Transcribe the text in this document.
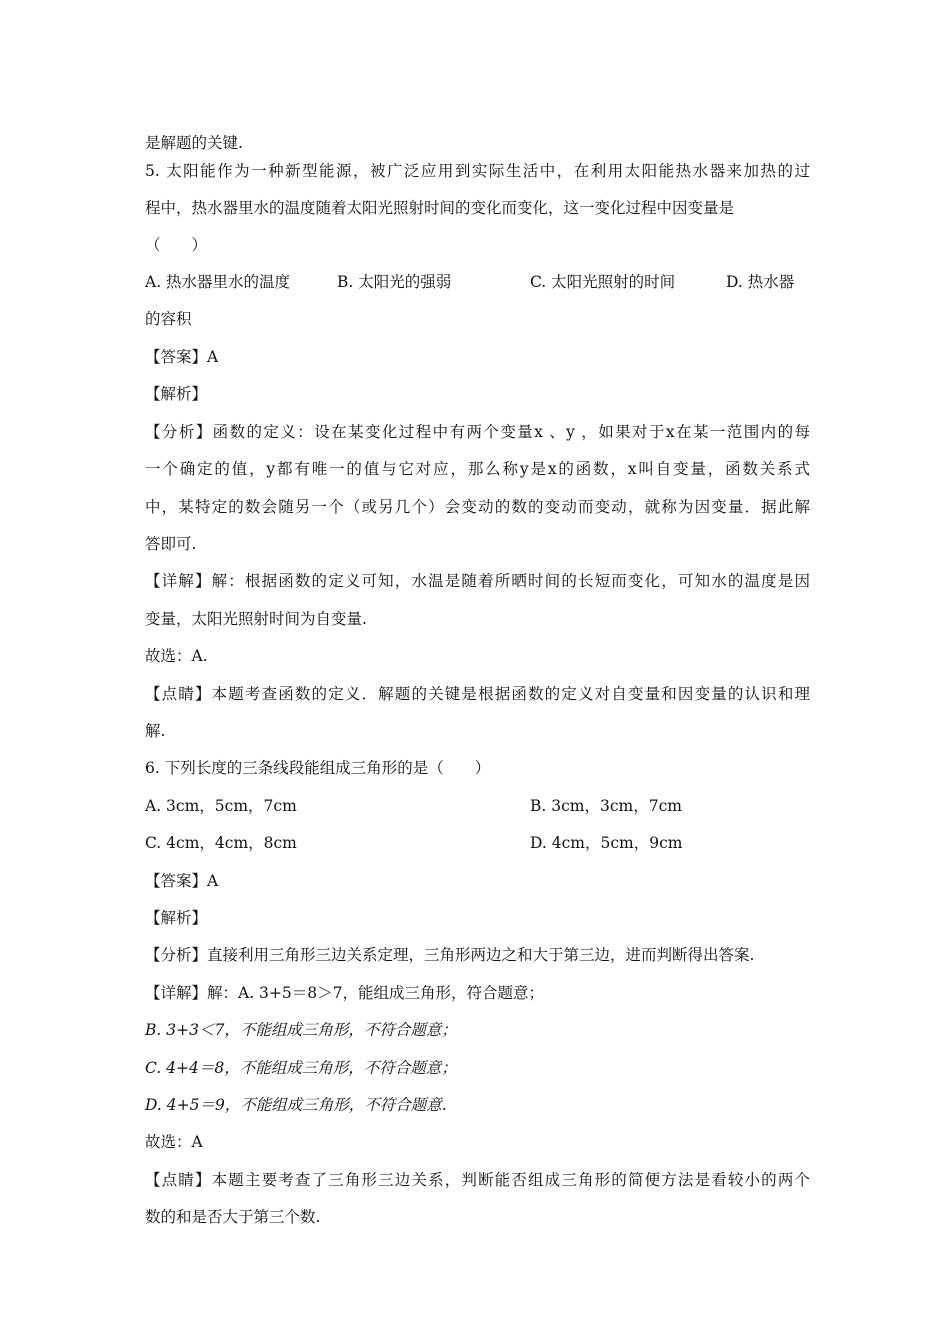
是解题的关键.
5. 太阳能作为一种新型能源，被广泛应用到实际生活中，在利用太阳能热水器来加热的过
程中，热水器里水的温度随着太阳光照射时间的变化而变化，这一变化过程中因变量是
（　　）
A. 热水器里水的温度	B. 太阳光的强弱	C. 太阳光照射的时间	D. 热水器
的容积
【答案】A
【解析】
【分析】函数的定义：设在某变化过程中有两个变量x 、y ，如果对于x在某一范围内的每
一个确定的值，y都有唯一的值与它对应，那么称y是x的函数，x叫自变量，函数关系式
中，某特定的数会随另一个（或另几个）会变动的数的变动而变动，就称为因变量．据此解
答即可.
【详解】解：根据函数的定义可知，水温是随着所晒时间的长短而变化，可知水的温度是因
变量，太阳光照射时间为自变量.
故选：A.
【点睛】本题考查函数的定义．解题的关键是根据函数的定义对自变量和因变量的认识和理
解.
6. 下列长度的三条线段能组成三角形的是（　　）
A. 3cm，5cm，7cm	B. 3cm，3cm，7cm
C. 4cm，4cm，8cm	D. 4cm，5cm，9cm
【答案】A
【解析】
【分析】直接利用三角形三边关系定理，三角形两边之和大于第三边，进而判断得出答案.
【详解】解：A. 3+5＝8＞7，能组成三角形，符合题意；
B. 3+3＜7，不能组成三角形，不符合题意；
C. 4+4＝8，不能组成三角形，不符合题意；
D. 4+5＝9，不能组成三角形，不符合题意.
故选：A
【点睛】本题主要考查了三角形三边关系，判断能否组成三角形的简便方法是看较小的两个
数的和是否大于第三个数.
